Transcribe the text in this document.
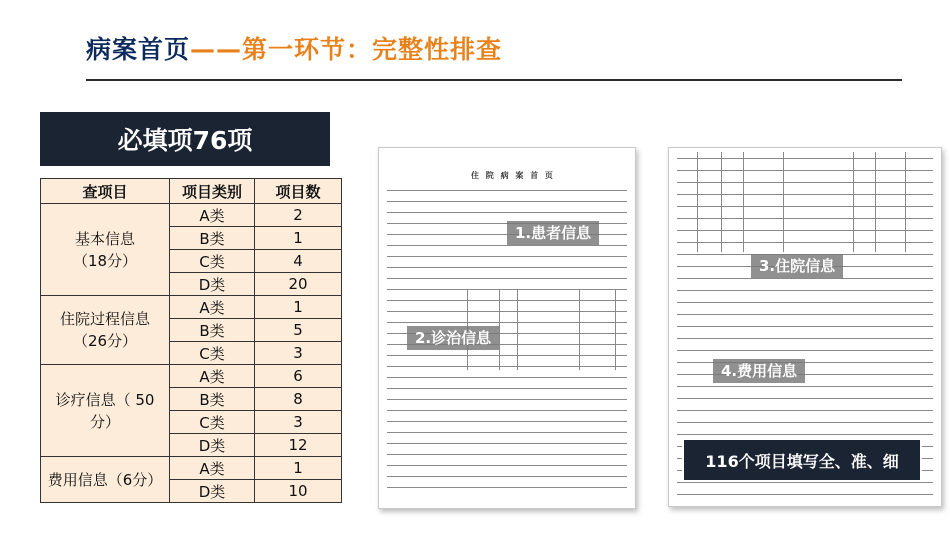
病案首页——第一环节：完整性排查
必填项76项
查项目	项目类别	项目数

基本信息
（18分）	A类	2
	B类	1
	C类	4
	D类	20

住院过程信息
（26分）	A类	1
	B类	5
	C类	3

诊疗信息（ 50
分）	A类	6
	B类	8
	C类	3
	D类	12

费用信息（6分）	A类	1
	D类	10
住 院 病 案 首 页
1.患者信息
2.诊治信息
3.住院信息
4.费用信息
116个项目填写全、准、细
